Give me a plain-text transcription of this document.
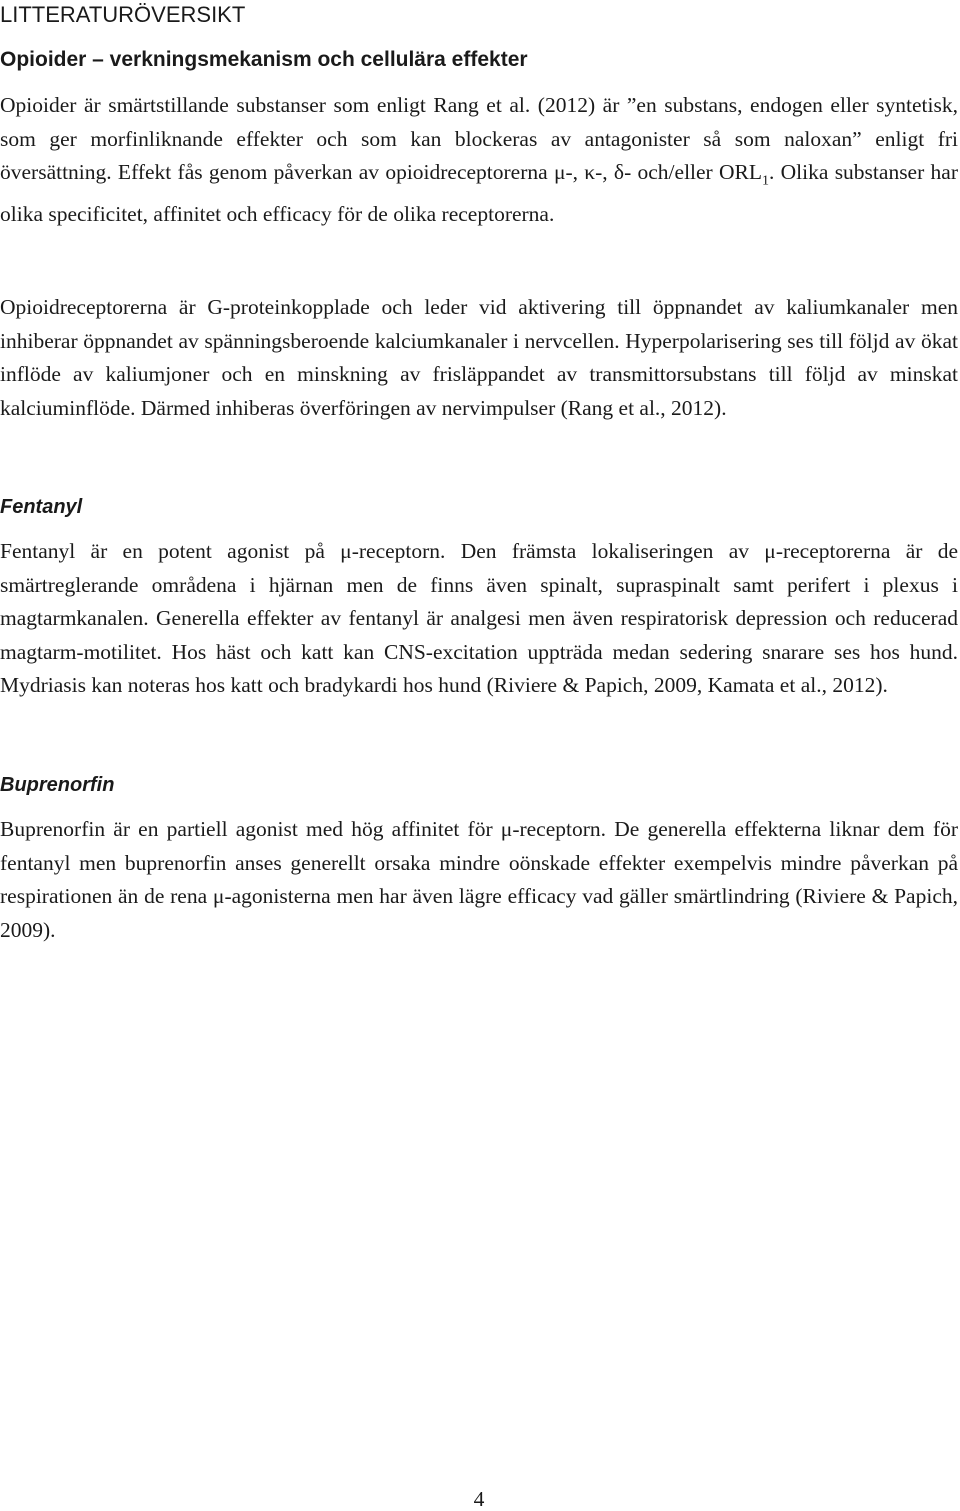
LITTERATURÖVERSIKT
Opioider – verkningsmekanism och cellulära effekter

Opioider är smärtstillande substanser som enligt Rang et al. (2012) är ”en substans, endogen eller syntetisk, som ger morfinliknande effekter och som kan blockeras av antagonister så som naloxan” enligt fri översättning. Effekt fås genom påverkan av opioidreceptorerna μ-, κ-, δ- och/eller $ORL_1$. Olika substanser har olika specificitet, affinitet och efficacy för de olika receptorerna.

Opioidreceptorerna är G-proteinkopplade och leder vid aktivering till öppnandet av kaliumkanaler men inhiberar öppnandet av spänningsberoende kalciumkanaler i nervcellen. Hyperpolarisering ses till följd av ökat inflöde av kaliumjoner och en minskning av frisläppandet av transmittorsubstans till följd av minskat kalciuminflöde. Därmed inhiberas överföringen av nervimpulser (Rang et al., 2012).

Fentanyl

Fentanyl är en potent agonist på μ-receptorn. Den främsta lokaliseringen av μ-receptorerna är de smärtreglerande områdena i hjärnan men de finns även spinalt, supraspinalt samt perifert i plexus i magtarmkanalen. Generella effekter av fentanyl är analgesi men även respiratorisk depression och reducerad magtarm-motilitet. Hos häst och katt kan CNS-excitation uppträda medan sedering snarare ses hos hund. Mydriasis kan noteras hos katt och bradykardi hos hund (Riviere & Papich, 2009, Kamata et al., 2012).

Buprenorfin

Buprenorfin är en partiell agonist med hög affinitet för μ-receptorn. De generella effekterna liknar dem för fentanyl men buprenorfin anses generellt orsaka mindre oönskade effekter exempelvis mindre påverkan på respirationen än de rena μ-agonisterna men har även lägre efficacy vad gäller smärtlindring (Riviere & Papich, 2009).

4
